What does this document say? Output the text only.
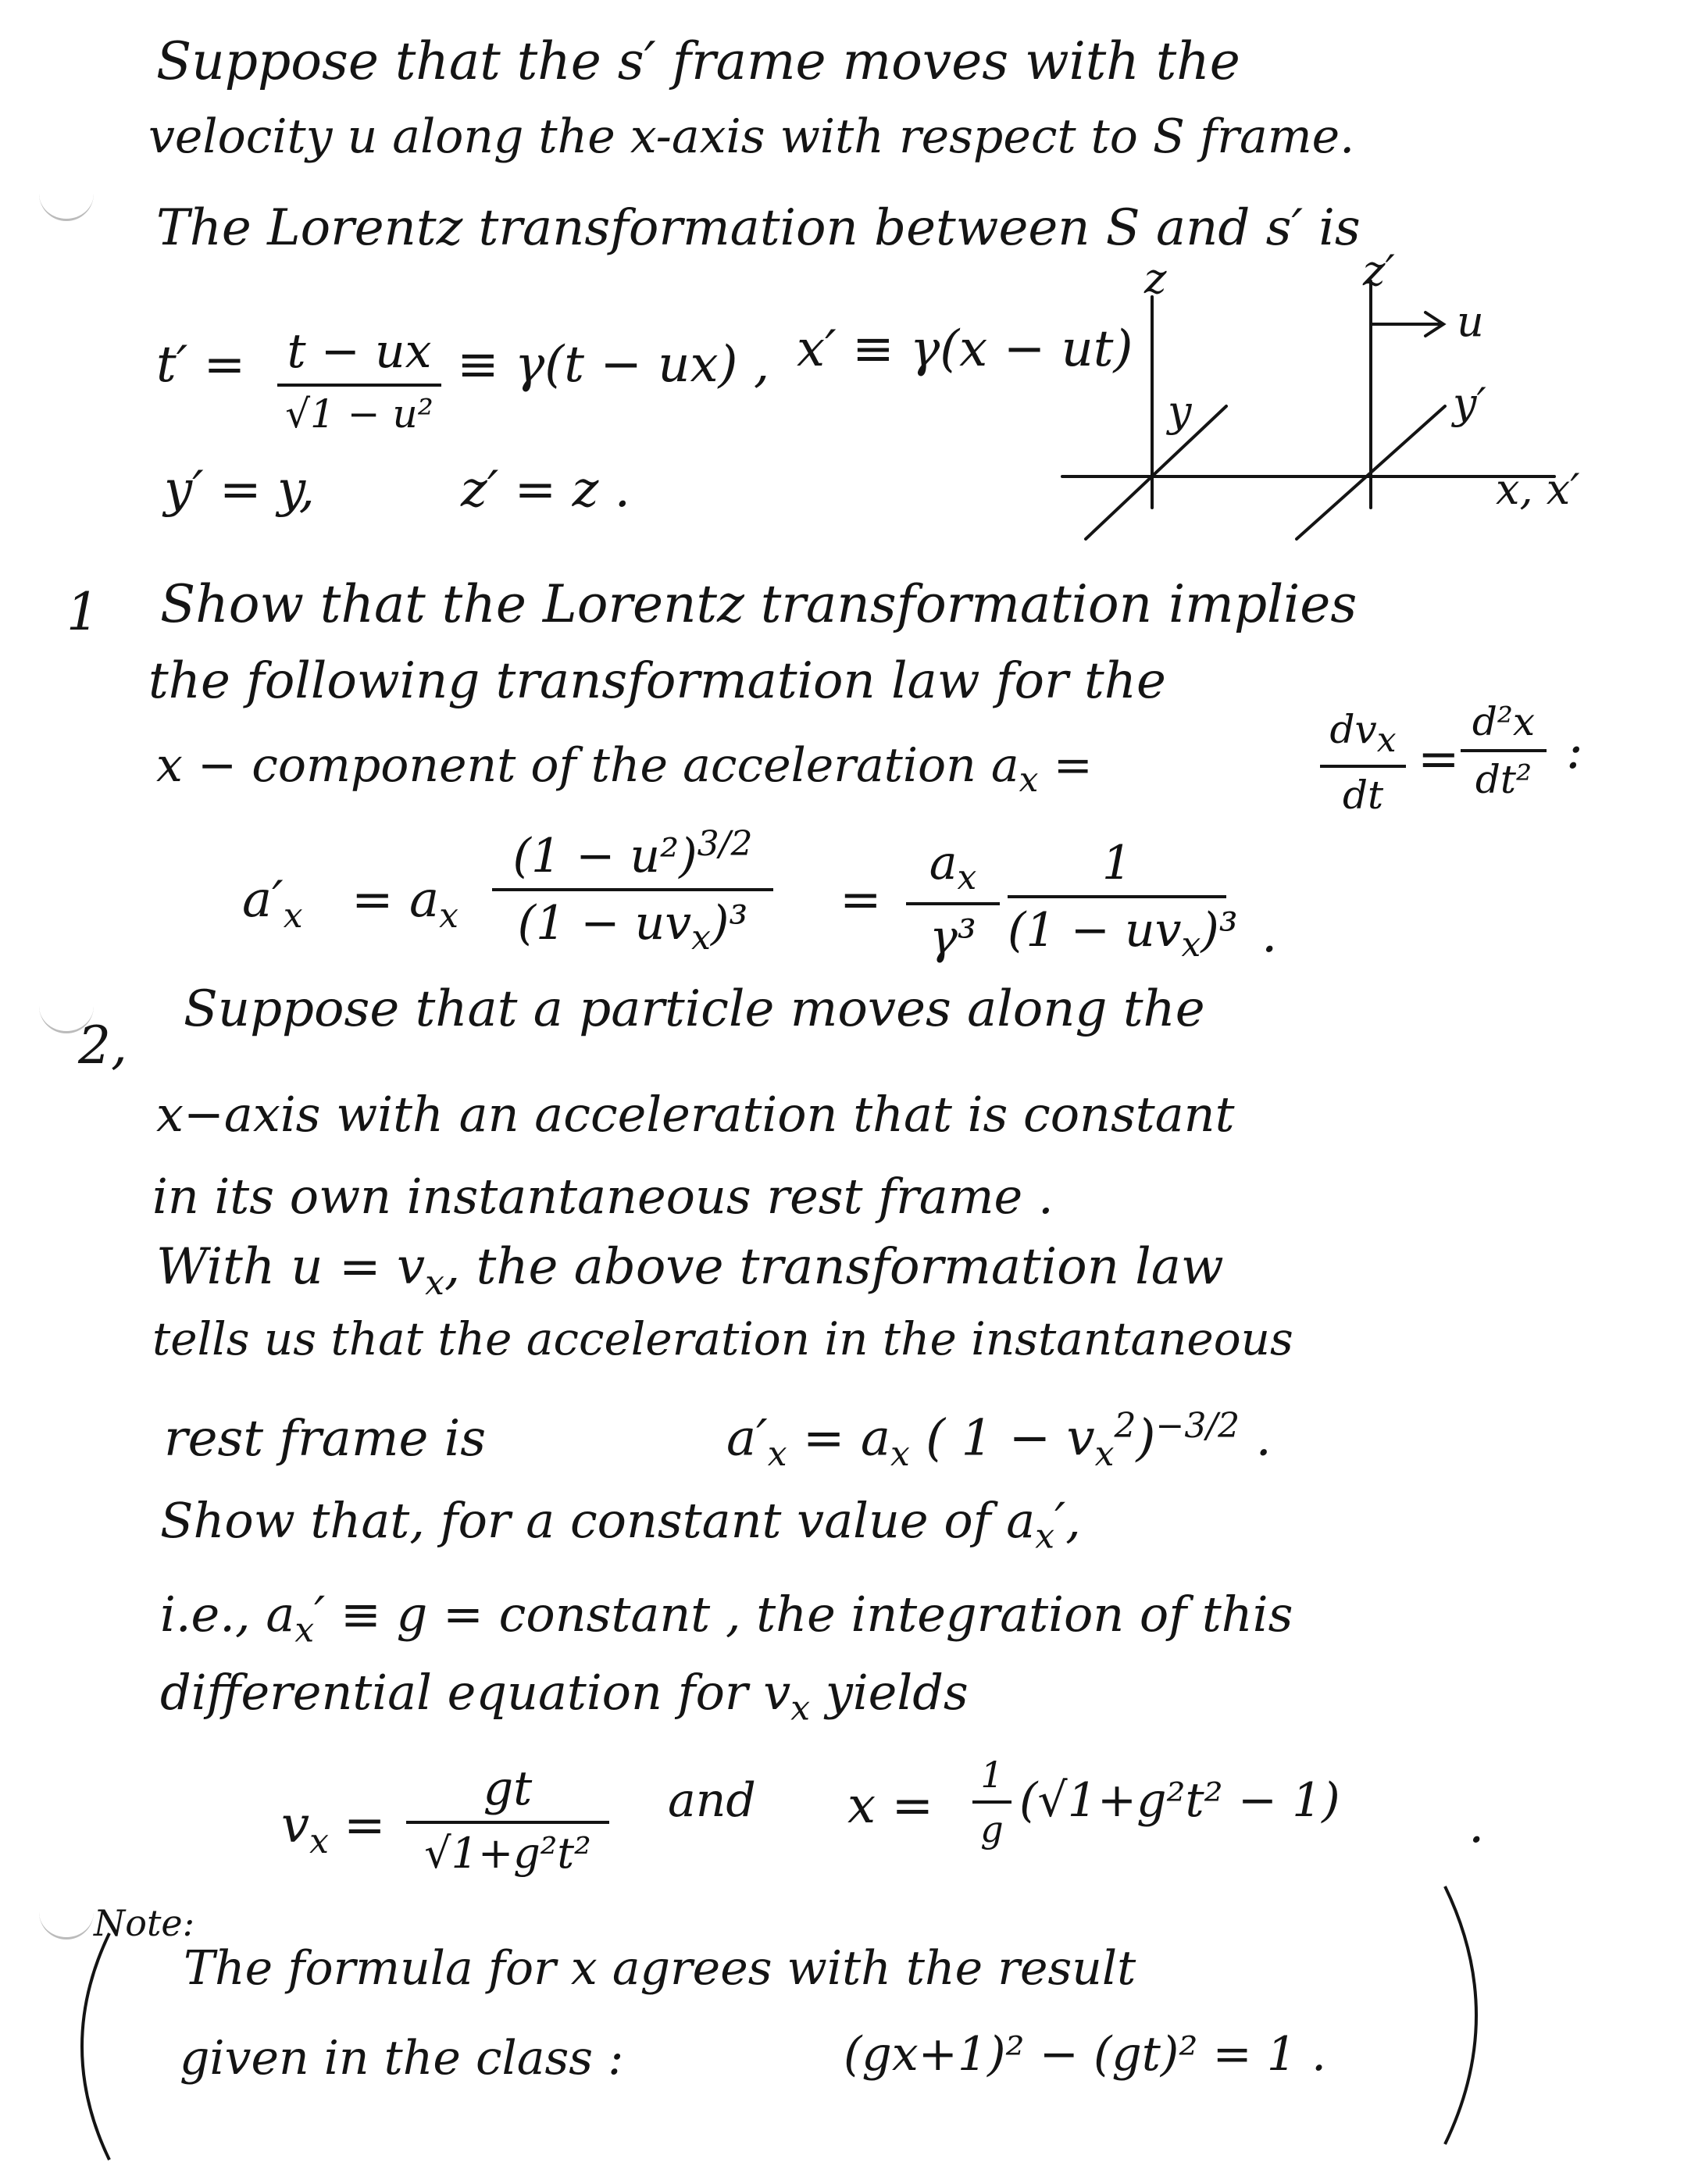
Suppose that the s′ frame moves with the
velocity u along the x-axis with respect to S frame.
The Lorentz transformation between S and s′ is
t′ = t − ux
√1 − u²
≡ γ(t − ux) , x′ ≡ γ(x − ut)
y′ = y,	z′ = z .
z	z′
u
y	y′
x, x′
1 Show that the Lorentz transformation implies
the following transformation law for the
x − component of the acceleration $a_x$ =
$dv_x$
dt
=
d²x
dt² :
$a'_x = a_x$
$(1 - u^2)^{3/2}$
$(1 - uv_x)^3$	=
$a_x$
γ³
1
$(1 - uv_x)^3$ .
2,
Suppose that a particle moves along the
x−axis with an acceleration that is constant
in its own instantaneous rest frame .
With $u = v_x$, the above transformation law
tells us that the acceleration in the instantaneous
rest frame is	$a'_x = a_x$ ( $1 - v_x^2)^{-3/2}$ .
Show that, for a constant value of $a_x'$,
i.e., $a_x' \equiv g$ = constant , the integration of this
differential equation for $v_x$ yields
$v_x$ =
gt
√1+g²t²
and x =
1
g
(√1+g²t² − 1)	.
Note:
The formula for x agrees with the result
given in the class :	(gx+1)² − (gt)² = 1 .
